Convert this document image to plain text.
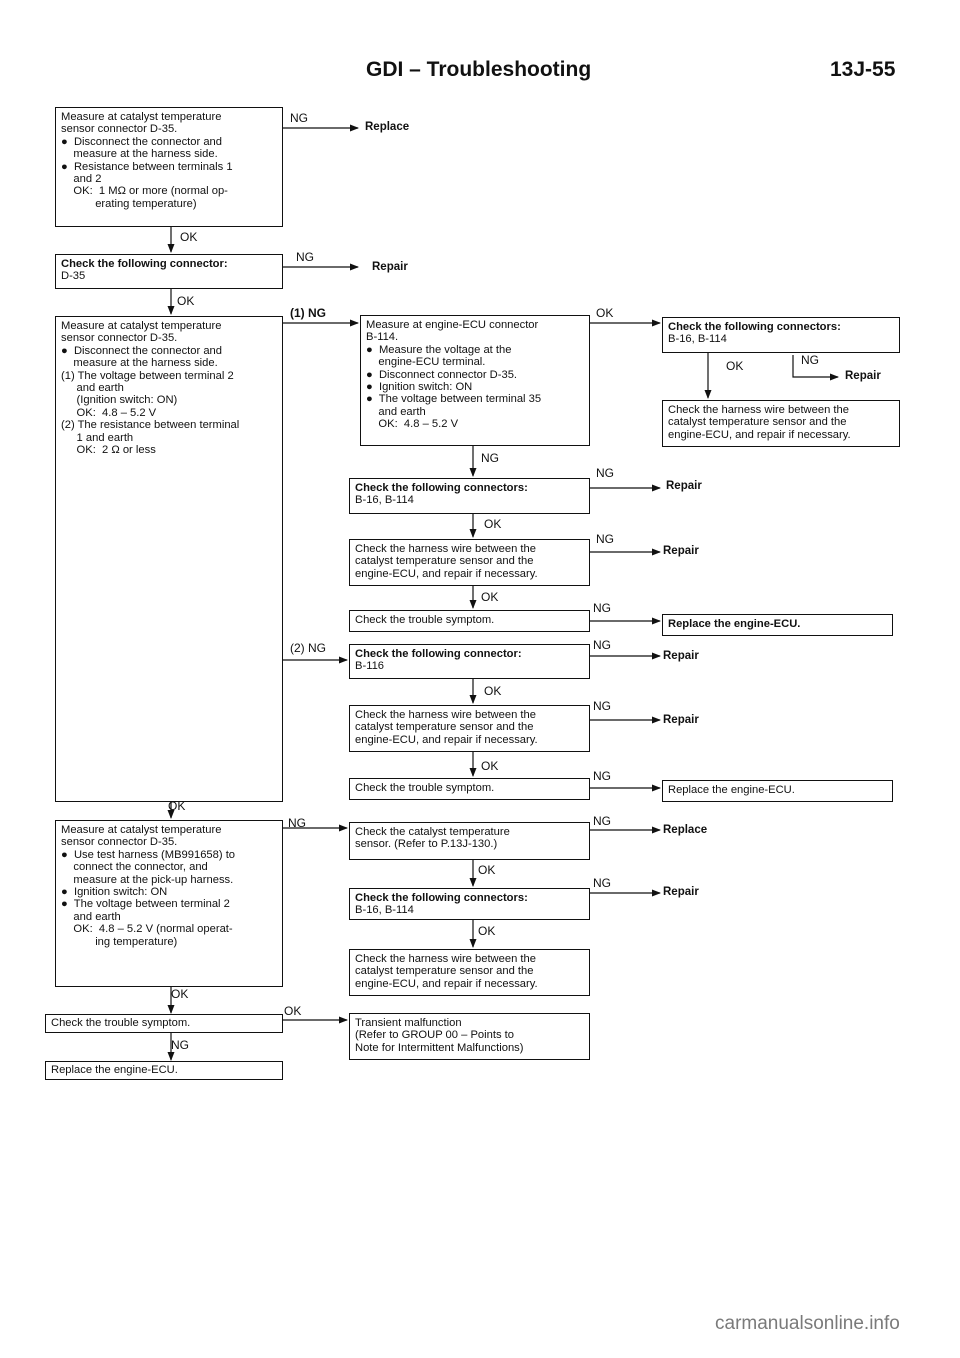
GDI – Troubleshooting	13J-55
Measure at catalyst temperature
sensor connector D-35.
●  Disconnect the connector and
measure at the harness side.
●  Resistance between terminals 1
and 2
OK:  1 MΩ or more (normal op-
erating temperature)
Check the following connector:
D-35
Measure at catalyst temperature
sensor connector D-35.
●  Disconnect the connector and
measure at the harness side.
(1) The voltage between terminal 2
and earth
(Ignition switch: ON)
OK:  4.8 – 5.2 V
(2) The resistance between terminal
1 and earth
OK:  2 Ω or less
Measure at catalyst temperature
sensor connector D-35.
●  Use test harness (MB991658) to
connect the connector, and
measure at the pick-up harness.
●  Ignition switch: ON
●  The voltage between terminal 2
and earth
OK:  4.8 – 5.2 V (normal operat-
ing temperature)
Check the trouble symptom.
Replace the engine-ECU.
Measure at engine-ECU connector
B-114.
●  Measure the voltage at the
engine-ECU terminal.
●  Disconnect connector D-35.
●  Ignition switch: ON
●  The voltage between terminal 35
and earth
OK:  4.8 – 5.2 V
Check the following connectors:
B-16, B-114
Check the harness wire between the
catalyst temperature sensor and the
engine-ECU, and repair if necessary.
Check the trouble symptom.
Check the following connector:
B-116
Check the harness wire between the
catalyst temperature sensor and the
engine-ECU, and repair if necessary.
Check the trouble symptom.
Check the catalyst temperature
sensor. (Refer to P.13J-130.)
Check the following connectors:
B-16, B-114
Check the harness wire between the
catalyst temperature sensor and the
engine-ECU, and repair if necessary.
Transient malfunction
(Refer to GROUP 00 – Points to
Note for Intermittent Malfunctions)
Check the following connectors:
B-16, B-114
Check the harness wire between the
catalyst temperature sensor and the
engine-ECU, and repair if necessary.
Replace the engine-ECU.
Replace the engine-ECU.
NG
OK
NG
OK
(1) NG	OK
OK	NG
NG
NG
OK
NG
OK
NG
(2) NG	NG
OK
NG
OK
NG
OK
NG	NG
OK
NG
OK
OK
OK
NG
Replace
Repair
Repair
Repair
Repair
Repair
Repair
Replace
Repair
carmanualsonline.info
